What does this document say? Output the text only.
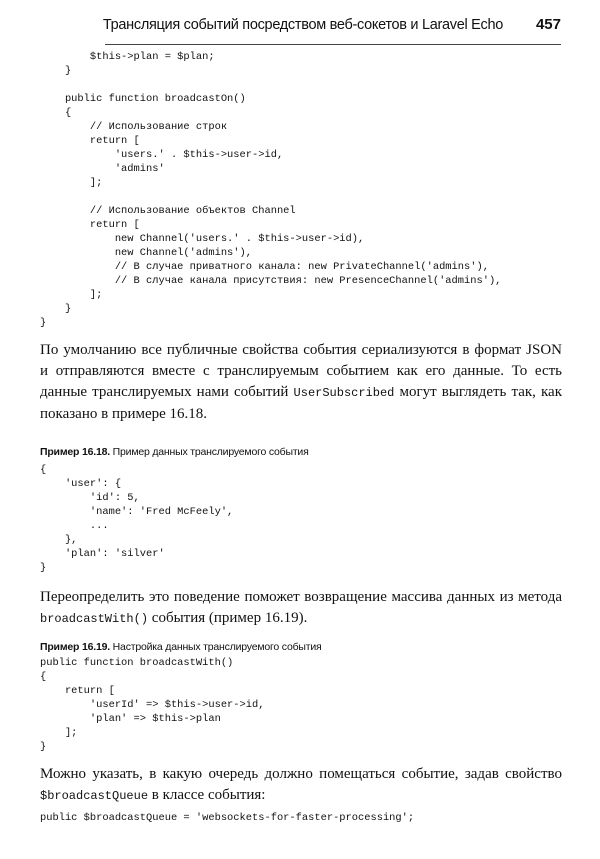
Трансляция событий посредством веб-сокетов и Laravel Echo 457
$this->plan = $plan;
}

public function broadcastOn()
{
// Использование строк
return [
'users.' . $this->user->id,
'admins'
];

// Использование объектов Channel
return [
new Channel('users.' . $this->user->id),
new Channel('admins'),
// В случае приватного канала: new PrivateChannel('admins'),
// В случае канала присутствия: new PresenceChannel('admins'),
];
}
}
По умолчанию все публичные свойства события сериализуются в формат JSON и отправляются вместе с транслируемым событием как его данные. То есть данные транслируемых нами событий UserSubscribed могут выглядеть так, как показано в примере 16.18.
Пример 16.18. Пример данных транслируемого события
{
'user': {
'id': 5,
'name': 'Fred McFeely',
...
},
'plan': 'silver'
}
Переопределить это поведение поможет возвращение массива данных из метода broadcastWith() события (пример 16.19).
Пример 16.19. Настройка данных транслируемого события
public function broadcastWith()
{
return [
'userId' => $this->user->id,
'plan' => $this->plan
];
}
Можно указать, в какую очередь должно помещаться событие, задав свойство $broadcastQueue в классе события:
public $broadcastQueue = 'websockets-for-faster-processing';
